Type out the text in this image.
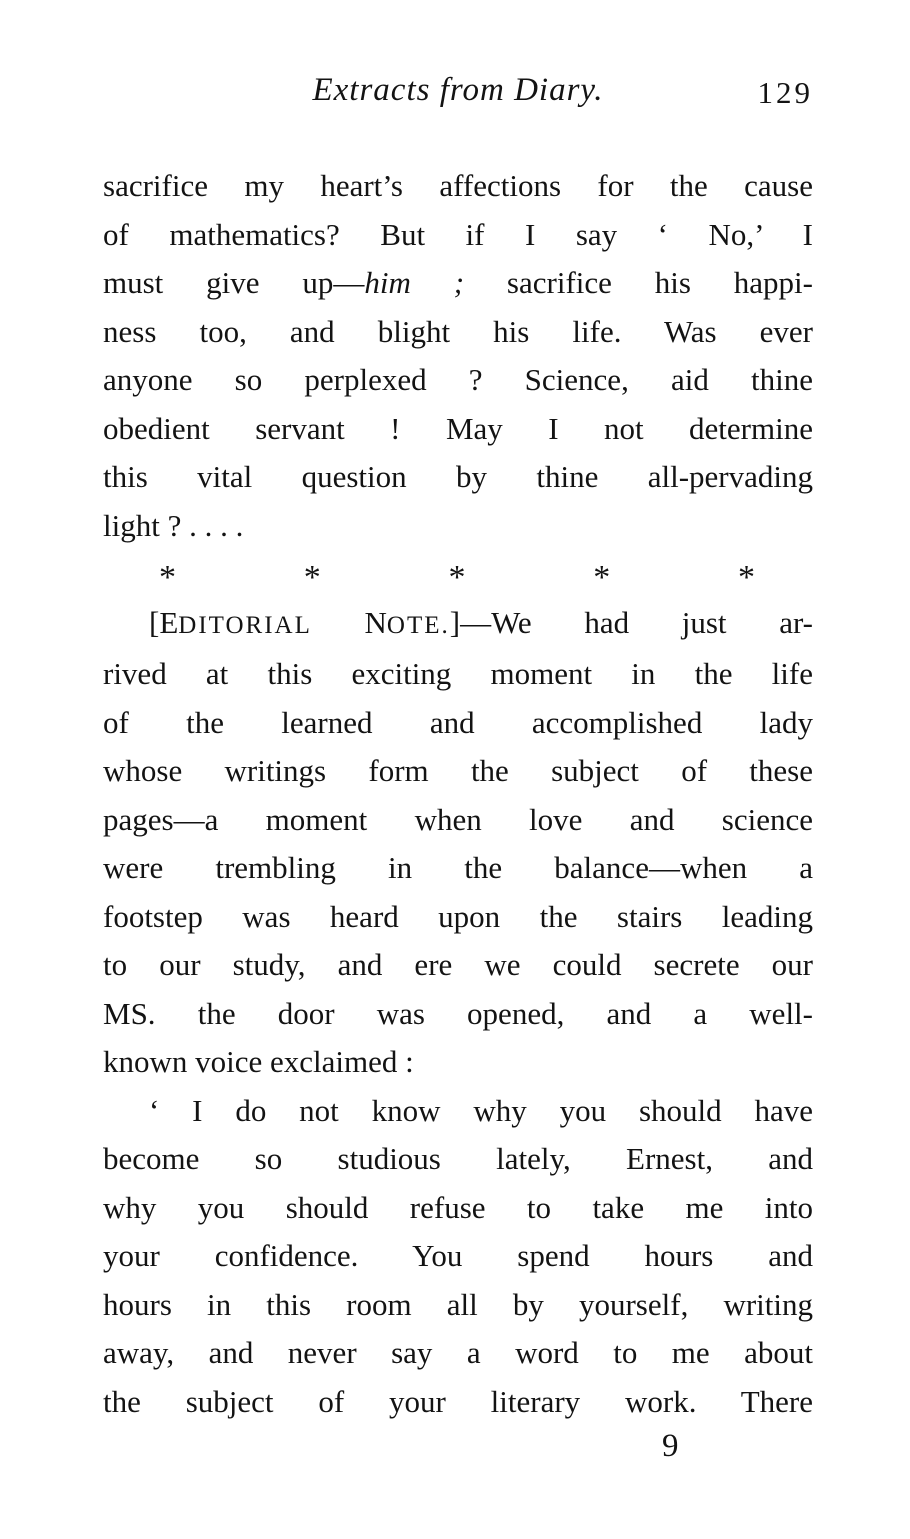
Extracts from Diary.	129
sacrifice my heart’s affections for the cause
of mathematics? But if I say ‘ No,’ I
must give up—him ; sacrifice his happi-
ness too, and blight his life. Was ever
anyone so perplexed ? Science, aid thine
obedient servant ! May I not determine
this vital question by thine all-pervading
light ? . . . .
*	*	*	*	*
[EDITORIAL NOTE.]—We had just ar-
rived at this exciting moment in the life
of the learned and accomplished lady
whose writings form the subject of these
pages—a moment when love and science
were trembling in the balance—when a
footstep was heard upon the stairs leading
to our study, and ere we could secrete our
MS. the door was opened, and a well-
known voice exclaimed :
‘ I do not know why you should have
become so studious lately, Ernest, and
why you should refuse to take me into
your confidence. You spend hours and
hours in this room all by yourself, writing
away, and never say a word to me about
the subject of your literary work. There
9
